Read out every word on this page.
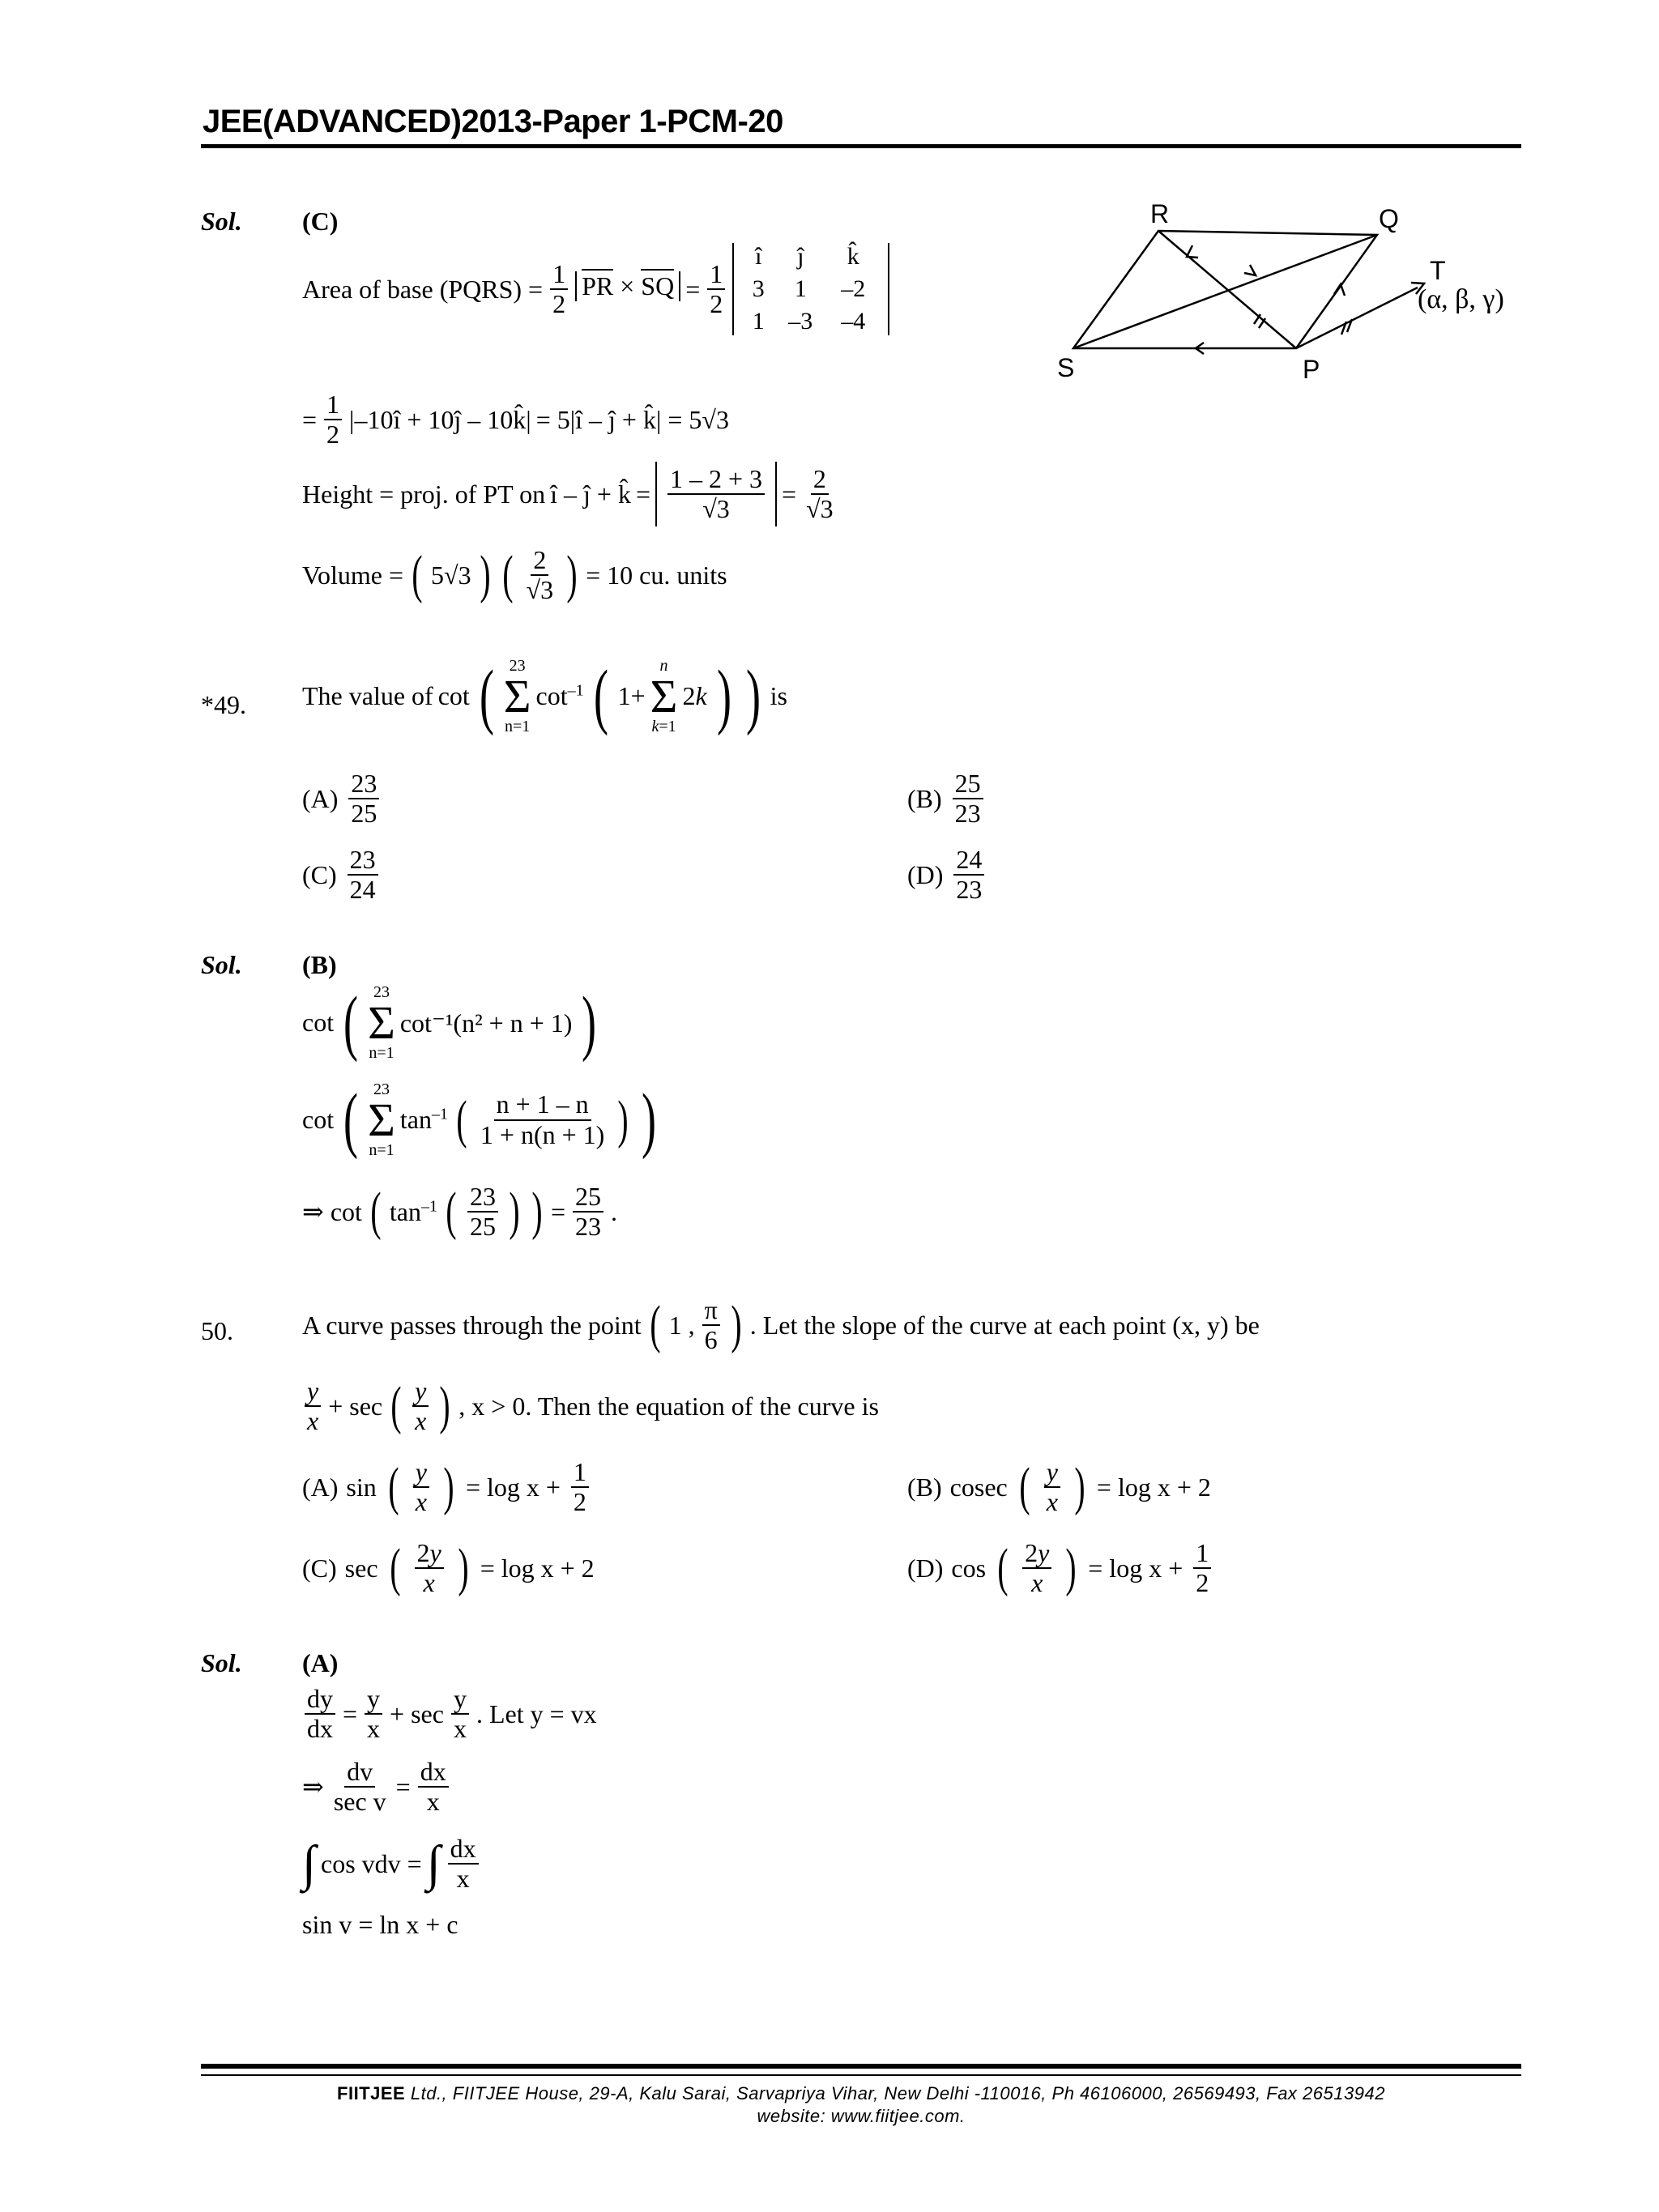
JEE(ADVANCED)2013-Paper 1-PCM-20
Sol. (C)
Area of base (PQRS) = $\frac{1}{2}$ PR × SQ = $\frac{1}{2}$
î	ĵ	k̂
3	1	–2
1 –3	–4
= $\frac{1}{2}$ |–10î + 10ĵ – 10k̂| = 5|î – ĵ + k̂| = 5√3
Height = proj. of PT on î – ĵ + k̂ = $\frac{1 - 2 + 3}{√3} = \frac{2}{√3}$
Volume = ( 5√3 ) ( $\frac{2}{√3}$ ) = 10 cu. units
R	Q
S	P
T
(α, β, γ)
*49. The value of cot ( 23
Σ
n=1
$\cot^{-1}$ ( 1+
n
Σ
k=1
2k ) ) is
$(A) \frac{23}{25}$	$(B) \frac{25}{23}$
$(C) \frac{23}{24}$	$(D) \frac{24}{23}$
Sol. (B)
cot ( 23
Σ
n=1
cot⁻¹(n² + n + 1) )
cot ( 23
Σ
n=1
$\tan^{-1}$ ( $\frac{n + 1 - n}{1 + n(n + 1)}$ ) )
⇒ cot ( $\tan^{-1}$ ( $\frac{23}{25}$ ) ) = $\frac{25}{23}$ .
50.	A curve passes through the point ( 1 , $\frac{\pi}{6}$ ) . Let the slope of the curve at each point (x, y) be
$\frac{y}{x} + \sec$ ( $\frac{y}{x}$ ) , x > 0. Then the equation of the curve is
(A) sin ( $\frac{y}{x}$ ) = $\log x + \frac{1}{2}$	(B) cosec ( $\frac{y}{x}$ ) = log x + 2
(C) sec ( $\frac{2y}{x}$ ) = log x + 2	(D) cos ( $\frac{2y}{x}$ ) = $\log x + \frac{1}{2}$
Sol. (A)
$\frac{dy}{dx} = \frac{y}{x} + \sec \frac{y}{x}$ . Let y = vx
⇒ $\frac{dv}{\text{sec v}} = \frac{dx}{x}$
∫ cos vdv = ∫ $\frac{dx}{x}$
sin v = ln x + c
FIITJEE Ltd., FIITJEE House, 29-A, Kalu Sarai, Sarvapriya Vihar, New Delhi -110016, Ph 46106000, 26569493, Fax 26513942
website: www.fiitjee.com.
